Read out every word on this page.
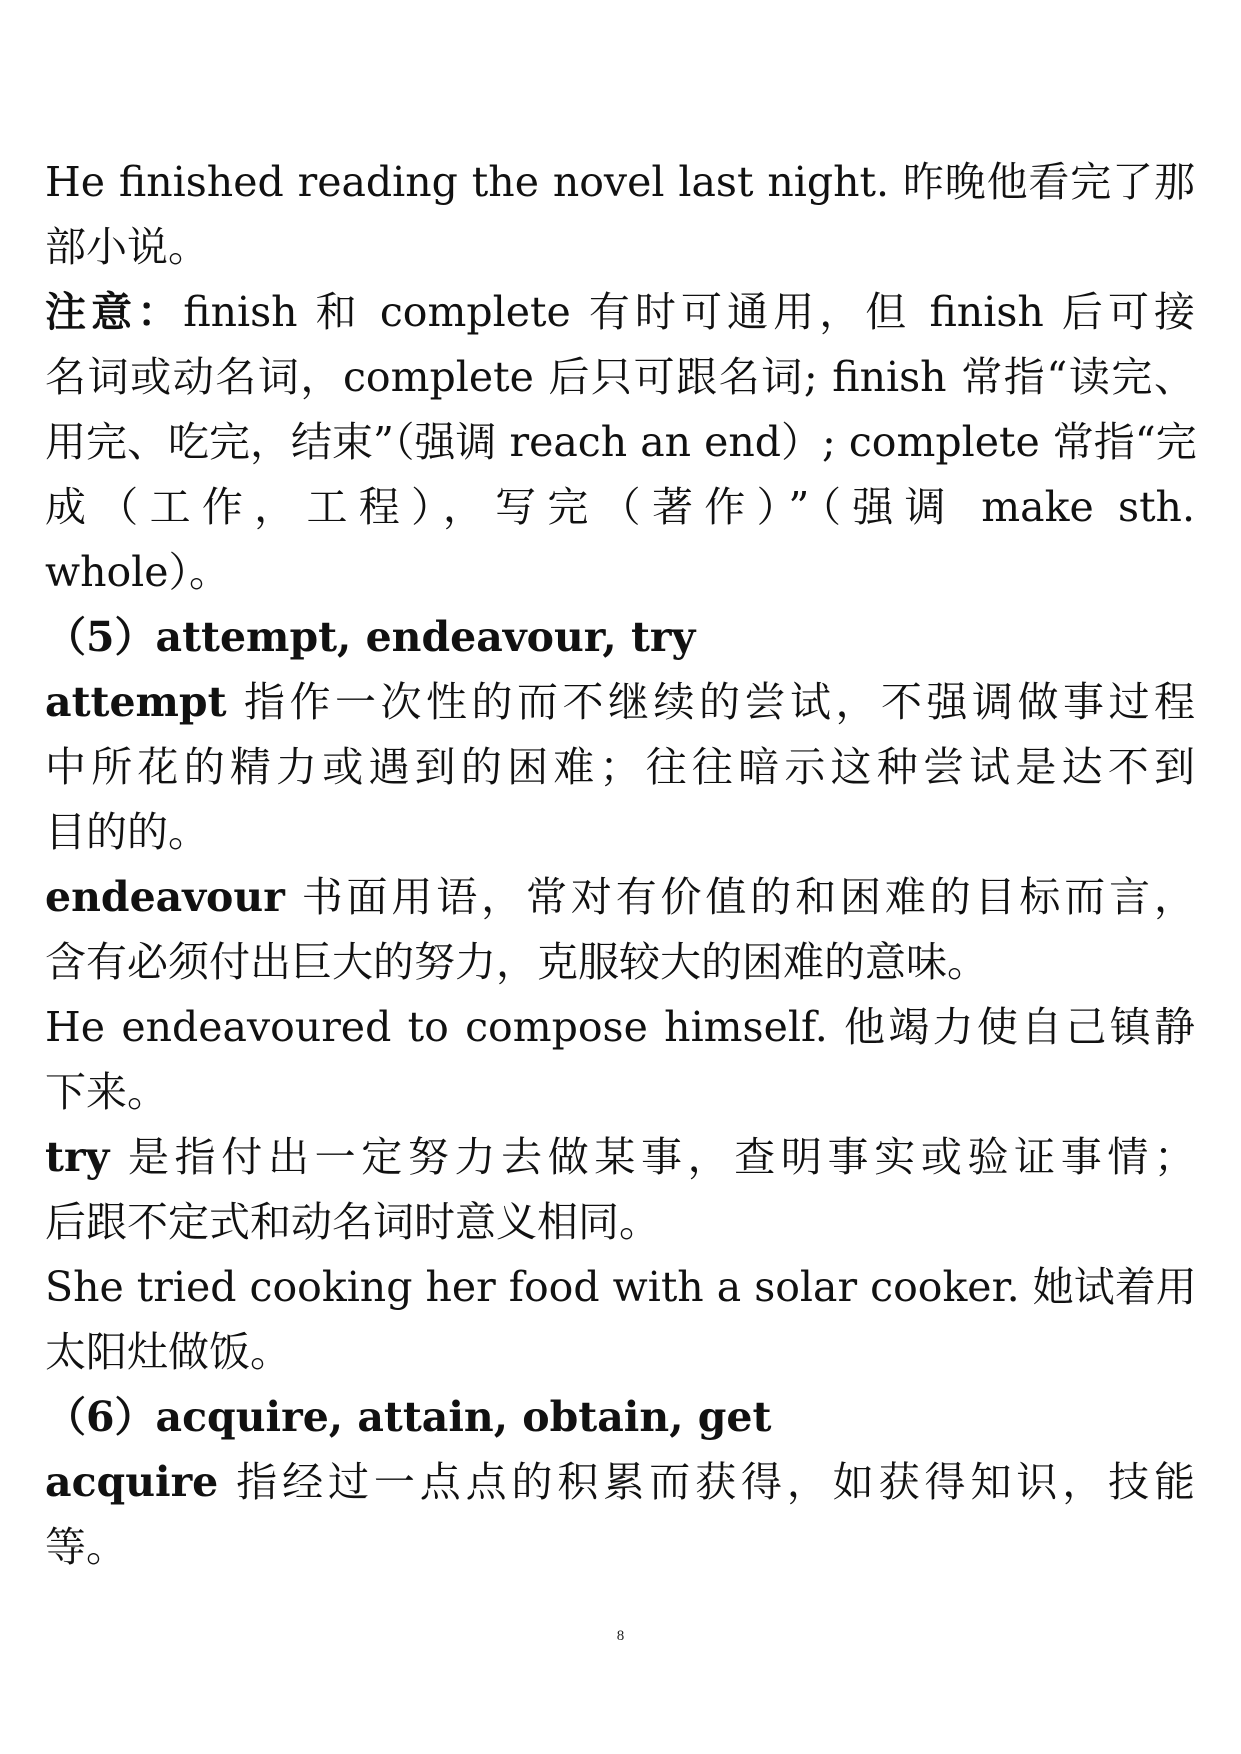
He finished reading the novel last night. 昨晚他看完了那

部小说。

注意：finish 和 complete 有时可通用，但 finish 后可接

名词或动名词，complete 后只可跟名词; finish 常指“读完、

用完、吃完，结束”（强调 reach an end）; complete 常指“完

成（工作，工程），写完（著作）”（强调 make sth.

whole）。

（5）attempt, endeavour, try

attempt 指作一次性的而不继续的尝试，不强调做事过程

中所花的精力或遇到的困难；往往暗示这种尝试是达不到

目的的。

endeavour 书面用语，常对有价值的和困难的目标而言，

含有必须付出巨大的努力，克服较大的困难的意味。

He endeavoured to compose himself. 他竭力使自己镇静

下来。

try 是指付出一定努力去做某事，查明事实或验证事情；

后跟不定式和动名词时意义相同。

She tried cooking her food with a solar cooker. 她试着用

太阳灶做饭。

（6）acquire, attain, obtain, get

acquire 指经过一点点的积累而获得，如获得知识，技能

等。

8
